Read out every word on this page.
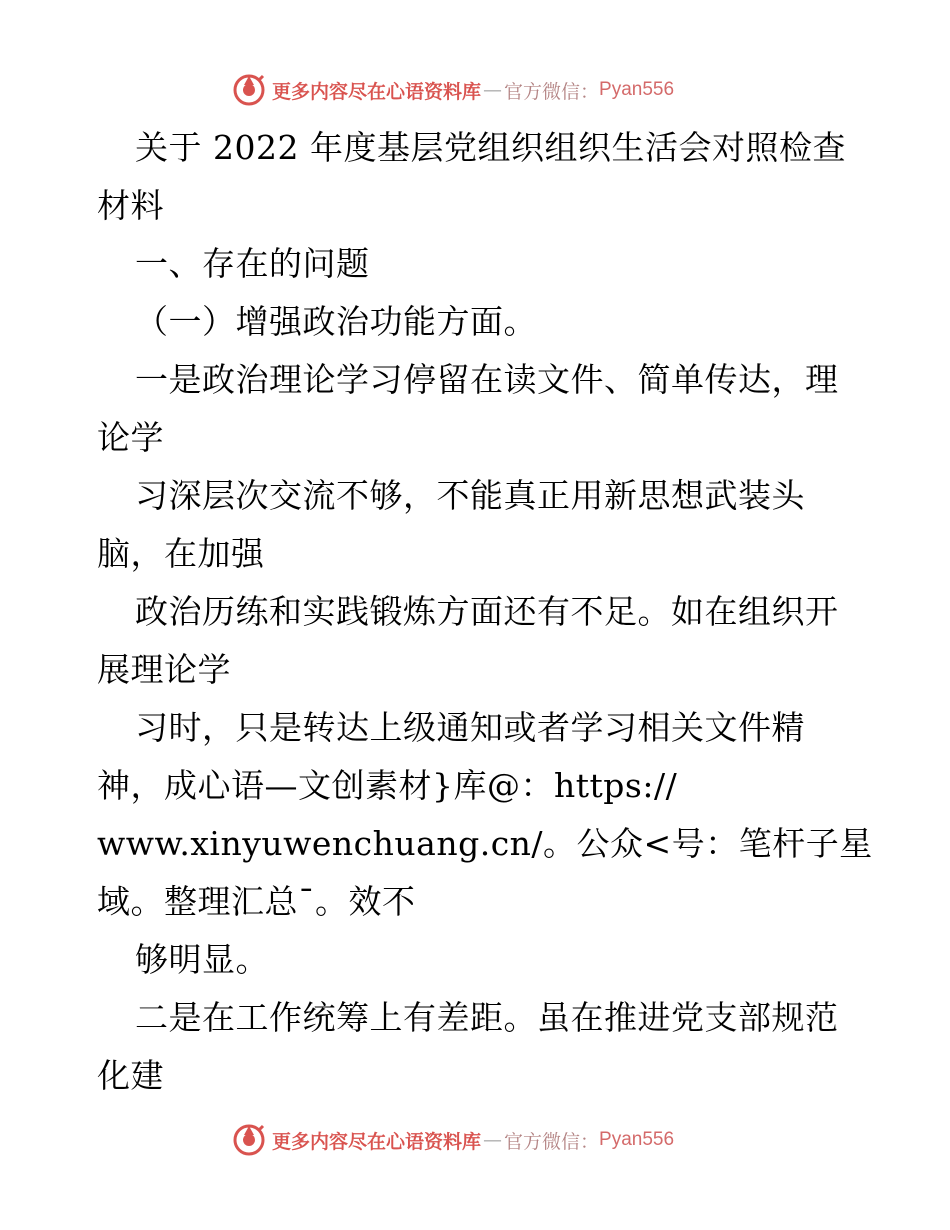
更多内容尽在心语资料库 — 官方微信： Pyan556
关于 2022 年度基层党组织组织生活会对照检查
材料
一、存在的问题
（一）增强政治功能方面。
一是政治理论学习停留在读文件、简单传达，理
论学
习深层次交流不够，不能真正用新思想武装头
脑，在加强
政治历练和实践锻炼方面还有不足。如在组织开
展理论学
习时，只是转达上级通知或者学习相关文件精
神，成心语—文创素材}库@：https://
www.xinyuwenchuang.cn/。公众<号：笔杆子星
域。整理汇总¯。效不
够明显。
二是在工作统筹上有差距。虽在推进党支部规范
化建
更多内容尽在心语资料库 — 官方微信： Pyan556
